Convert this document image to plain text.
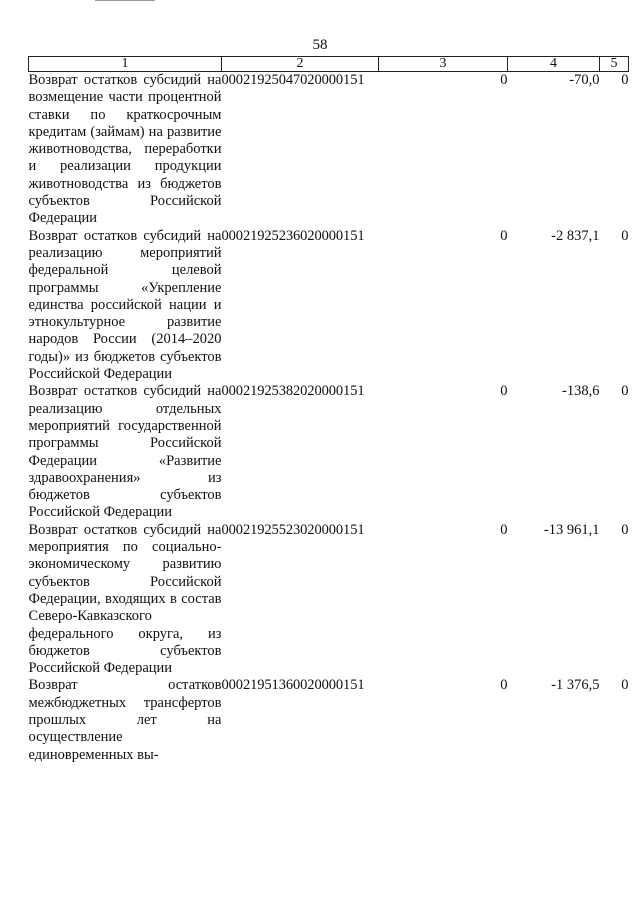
58
1	2	3	4	5
Возврат остатков субсидий на возмещение части процентной ставки по краткосрочным кредитам (займам) на развитие животноводства, переработки и реализации продукции животноводства из бюджетов субъектов Российской Федерации	00021925047020000151	0	-70,0	0
Возврат остатков субсидий на реализацию мероприятий федеральной целевой программы «Укрепление единства российской нации и этнокультурное развитие народов России (2014–2020 годы)» из бюджетов субъектов Российской Федерации	00021925236020000151	0	-2 837,1	0
Возврат остатков субсидий на реализацию отдельных мероприятий государственной программы Российской Федерации «Развитие здравоохранения» из бюджетов субъектов Российской Федерации	00021925382020000151	0	-138,6	0
Возврат остатков субсидий на мероприятия по социально-экономическому развитию субъектов Российской Федерации, входящих в состав Северо-Кавказского федерального округа, из бюджетов субъектов Российской Федерации	00021925523020000151	0	-13 961,1	0
Возврат остатков межбюджетных трансфертов прошлых лет на осуществление единовременных вы-	00021951360020000151	0	-1 376,5	0
